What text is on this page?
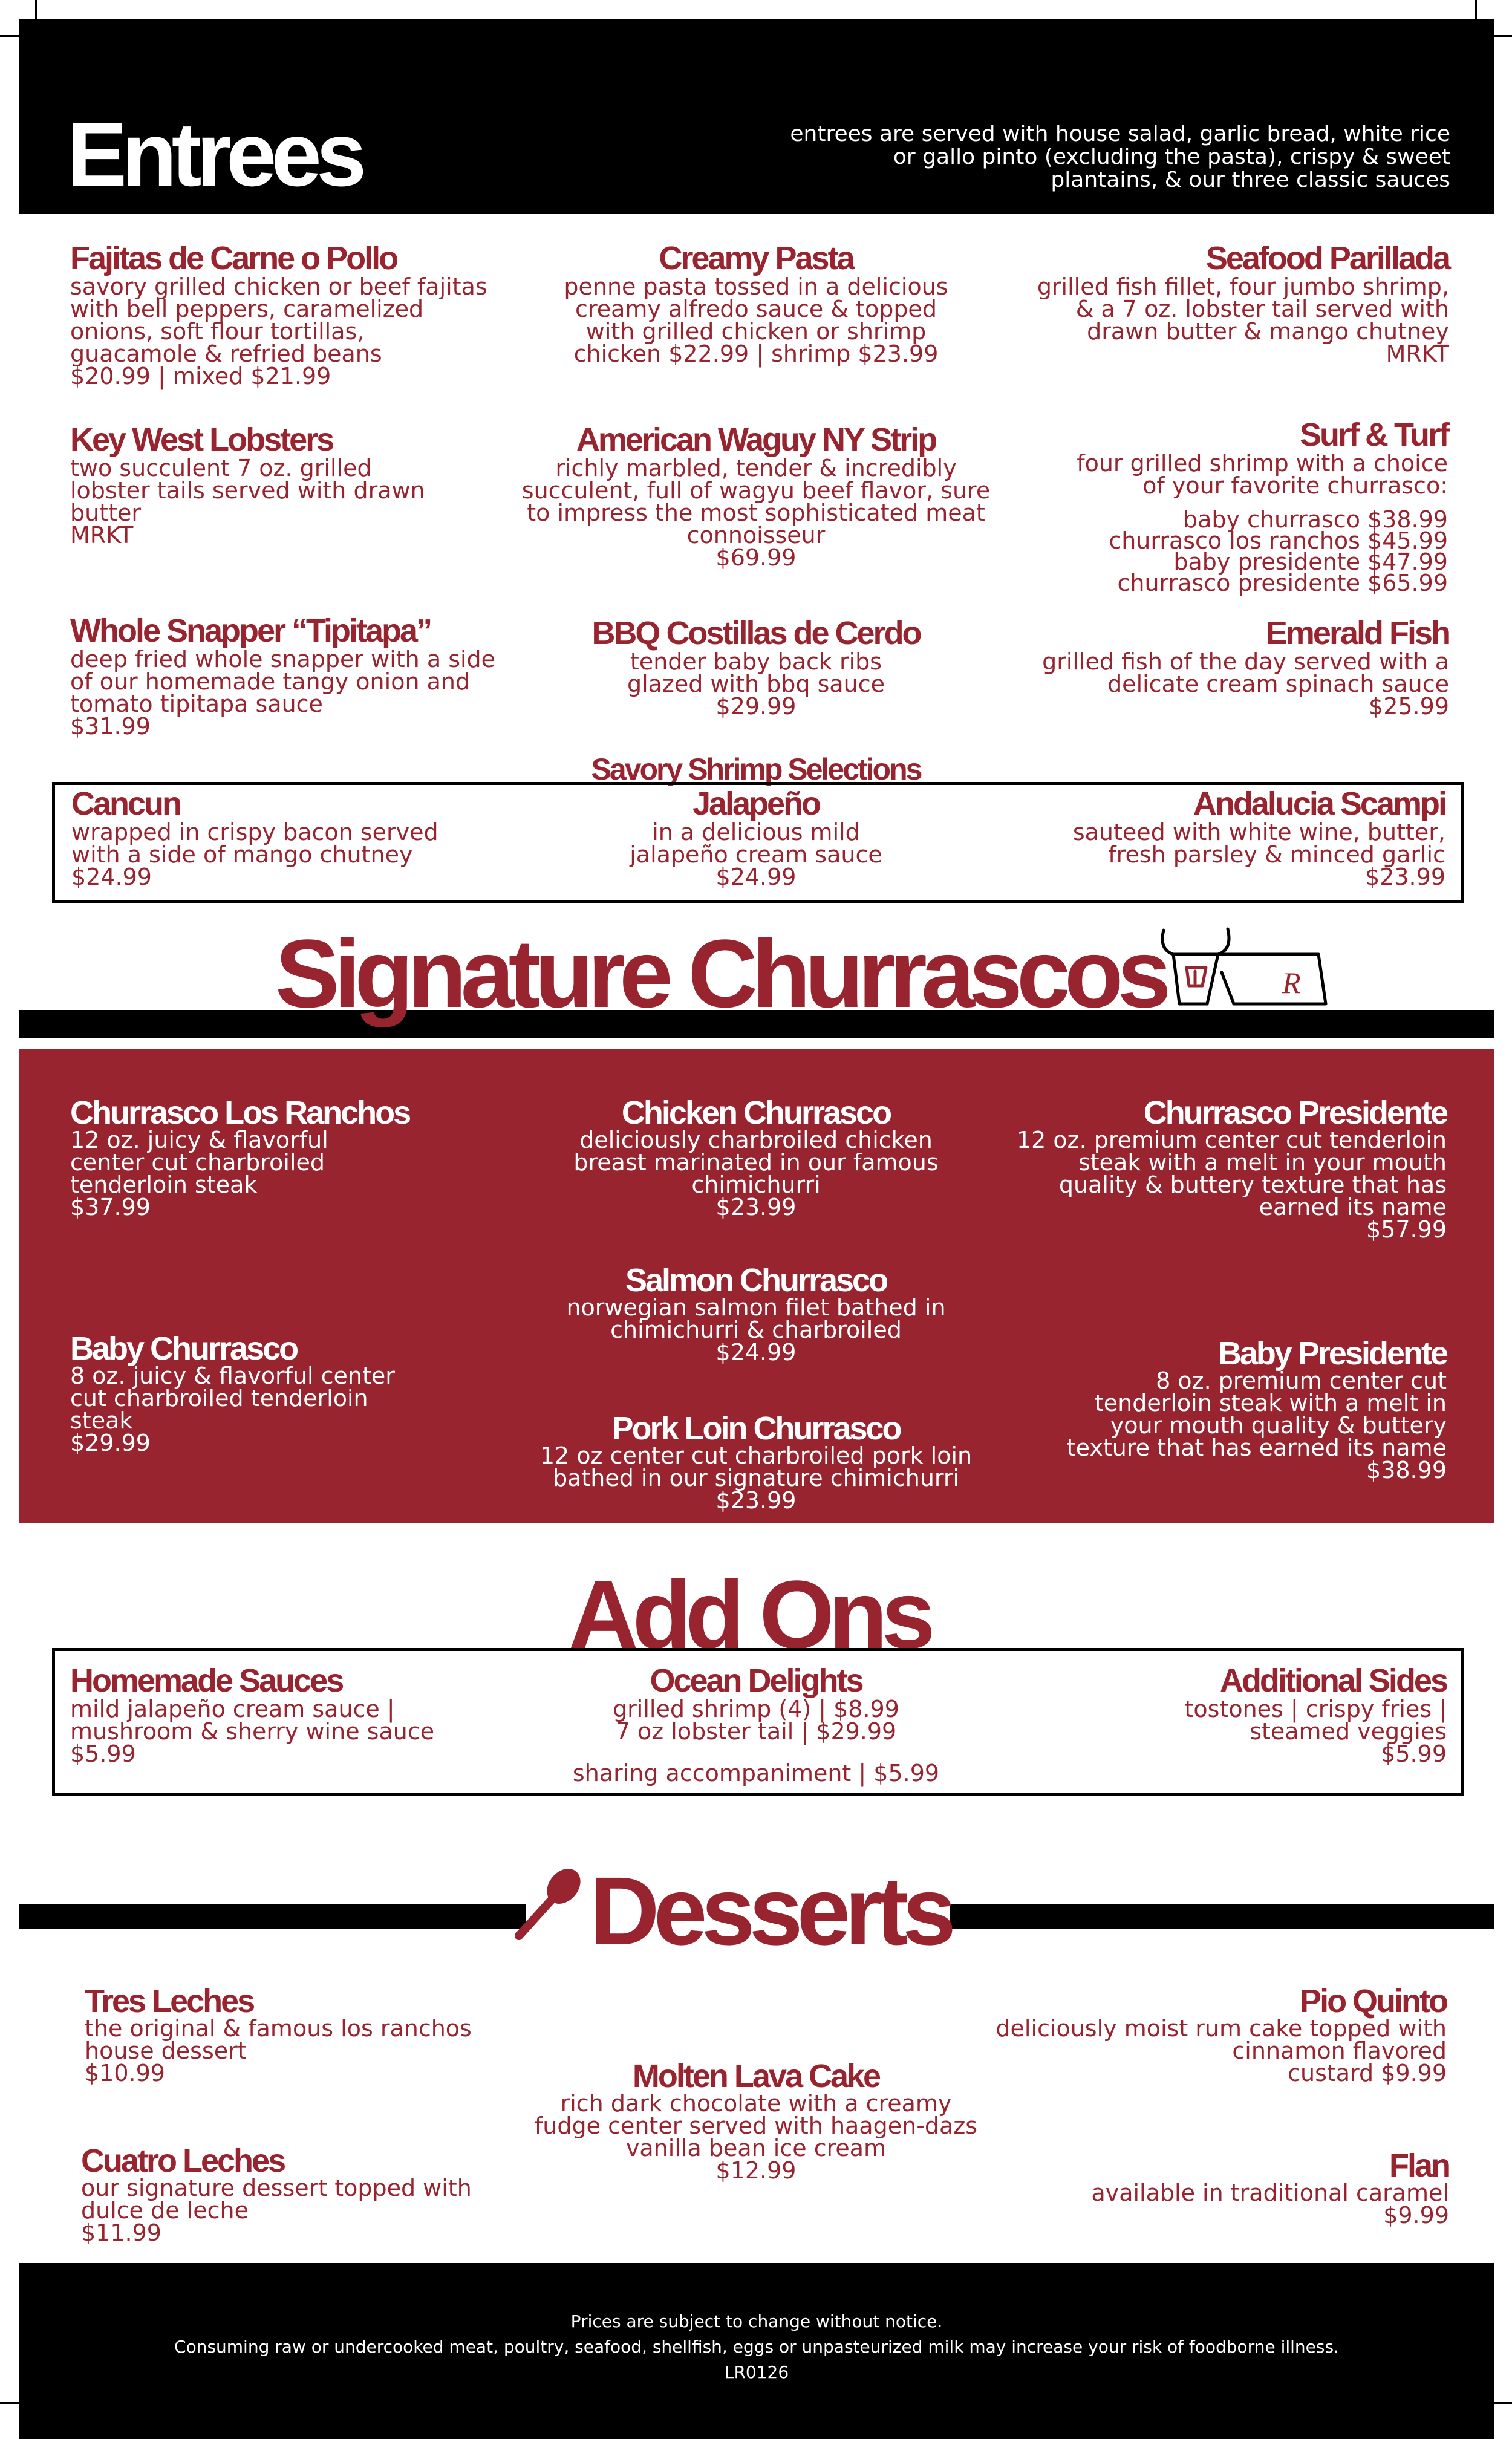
Entrees	entrees are served with house salad, garlic bread, white rice
or gallo pinto (excluding the pasta), crispy & sweet
plantains, & our three classic sauces
Fajitas de Carne o Pollo
savory grilled chicken or beef fajitas
with bell peppers, caramelized
onions, soft flour tortillas,
guacamole & refried beans
$20.99 | mixed $21.99
Creamy Pasta
penne pasta tossed in a delicious
creamy alfredo sauce & topped
with grilled chicken or shrimp
chicken $22.99 | shrimp $23.99
Seafood Parillada
grilled fish fillet, four jumbo shrimp,
& a 7 oz. lobster tail served with
drawn butter & mango chutney
MRKT
Key West Lobsters
two succulent 7 oz. grilled
lobster tails served with drawn
butter
MRKT
American Waguy NY Strip
richly marbled, tender & incredibly
succulent, full of wagyu beef flavor, sure
to impress the most sophisticated meat
connoisseur
$69.99
Surf & Turf
four grilled shrimp with a choice
of your favorite churrasco:
baby churrasco $38.99
churrasco los ranchos $45.99
baby presidente $47.99
churrasco presidente $65.99
Whole Snapper “Tipitapa”
deep fried whole snapper with a side
of our homemade tangy onion and
tomato tipitapa sauce
$31.99
BBQ Costillas de Cerdo
tender baby back ribs
glazed with bbq sauce
$29.99
Emerald Fish
grilled fish of the day served with a
delicate cream spinach sauce
$25.99
Savory Shrimp Selections
Cancun
wrapped in crispy bacon served
with a side of mango chutney
$24.99
Jalapeño
in a delicious mild
jalapeño cream sauce
$24.99
Andalucia Scampi
sauteed with white wine, butter,
fresh parsley & minced garlic
$23.99
Signature Churrascos	R
Churrasco Los Ranchos
12 oz. juicy & flavorful
center cut charbroiled
tenderloin steak
$37.99
Chicken Churrasco
deliciously charbroiled chicken
breast marinated in our famous
chimichurri
$23.99
Churrasco Presidente
12 oz. premium center cut tenderloin
steak with a melt in your mouth
quality & buttery texture that has
earned its name
$57.99
Salmon Churrasco
norwegian salmon filet bathed in
chimichurri & charbroiled
$24.99
Baby Churrasco
8 oz. juicy & flavorful center
cut charbroiled tenderloin
steak
$29.99
Baby Presidente
8 oz. premium center cut
tenderloin steak with a melt in
your mouth quality & buttery
texture that has earned its name
$38.99
Pork Loin Churrasco
12 oz center cut charbroiled pork loin
bathed in our signature chimichurri
$23.99
Add Ons
Homemade Sauces
mild jalapeño cream sauce |
mushroom & sherry wine sauce
$5.99
Ocean Delights
grilled shrimp (4) | $8.99
7 oz lobster tail | $29.99
sharing accompaniment | $5.99
Additional Sides
tostones | crispy fries |
steamed veggies
$5.99
Desserts
Tres Leches
the original & famous los ranchos
house dessert
$10.99
Pio Quinto
deliciously moist rum cake topped with
cinnamon flavored
custard $9.99
Molten Lava Cake
rich dark chocolate with a creamy
fudge center served with haagen-dazs
vanilla bean ice cream
$12.99
Cuatro Leches
our signature dessert topped with
dulce de leche
$11.99
Flan
available in traditional caramel
$9.99
Prices are subject to change without notice.
Consuming raw or undercooked meat, poultry, seafood, shellfish, eggs or unpasteurized milk may increase your risk of foodborne illness.
LR0126
